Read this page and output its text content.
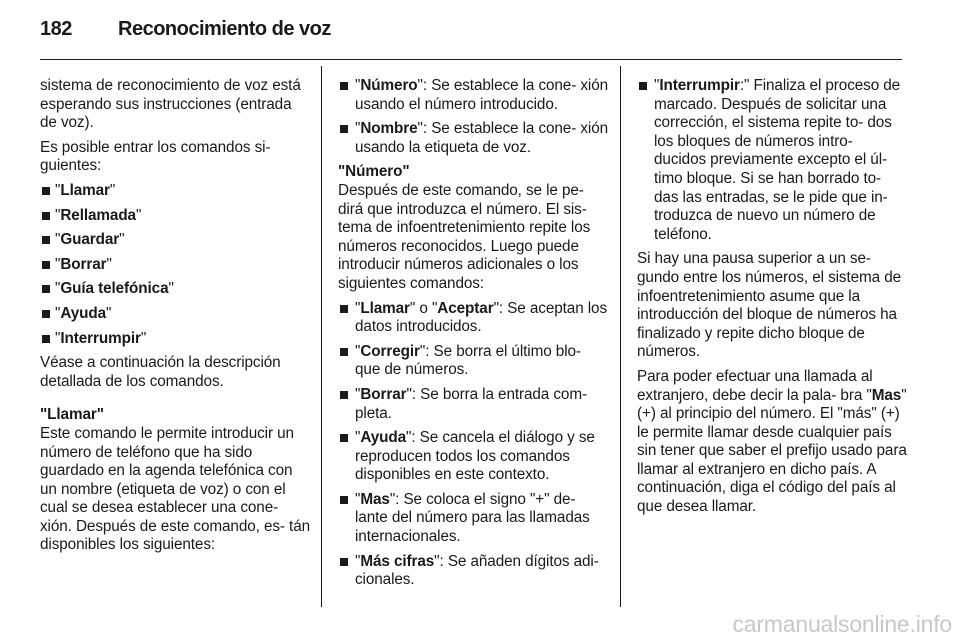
182	Reconocimiento de voz

sistema de reconocimiento de voz está esperando sus instrucciones (entrada de voz).

Es posible entrar los comandos si- guientes:

"Llamar"

"Rellamada"

"Guardar"

"Borrar"

"Guía telefónica"

"Ayuda"

"Interrumpir"

Véase a continuación la descripción detallada de los comandos.

"Llamar"

Este comando le permite introducir un número de teléfono que ha sido guardado en la agenda telefónica con un nombre (etiqueta de voz) o con el cual se desea establecer una cone- xión. Después de este comando, es- tán disponibles los siguientes:

"Número": Se establece la cone- xión usando el número introducido.

"Nombre": Se establece la cone- xión usando la etiqueta de voz.

"Número"

Después de este comando, se le pe- dirá que introduzca el número. El sis- tema de infoentretenimiento repite los números reconocidos. Luego puede introducir números adicionales o los siguientes comandos:

"Llamar" o "Aceptar": Se aceptan los datos introducidos.

"Corregir": Se borra el último blo- que de números.

"Borrar": Se borra la entrada com- pleta.

"Ayuda": Se cancela el diálogo y se reproducen todos los comandos disponibles en este contexto.

"Mas": Se coloca el signo "+" de- lante del número para las llamadas internacionales.

"Más cifras": Se añaden dígitos adi- cionales.

"Interrumpir:" Finaliza el proceso de marcado. Después de solicitar una corrección, el sistema repite to- dos los bloques de números intro- ducidos previamente excepto el úl- timo bloque. Si se han borrado to- das las entradas, se le pide que in- troduzca de nuevo un número de teléfono.

Si hay una pausa superior a un se- gundo entre los números, el sistema de infoentretenimiento asume que la introducción del bloque de números ha finalizado y repite dicho bloque de números.

Para poder efectuar una llamada al extranjero, debe decir la pala- bra "Mas" (+) al principio del número. El "más" (+) le permite llamar desde cualquier país sin tener que saber el prefijo usado para llamar al extranjero en dicho país. A continuación, diga el código del país al que desea llamar.

carmanualsonline.info
